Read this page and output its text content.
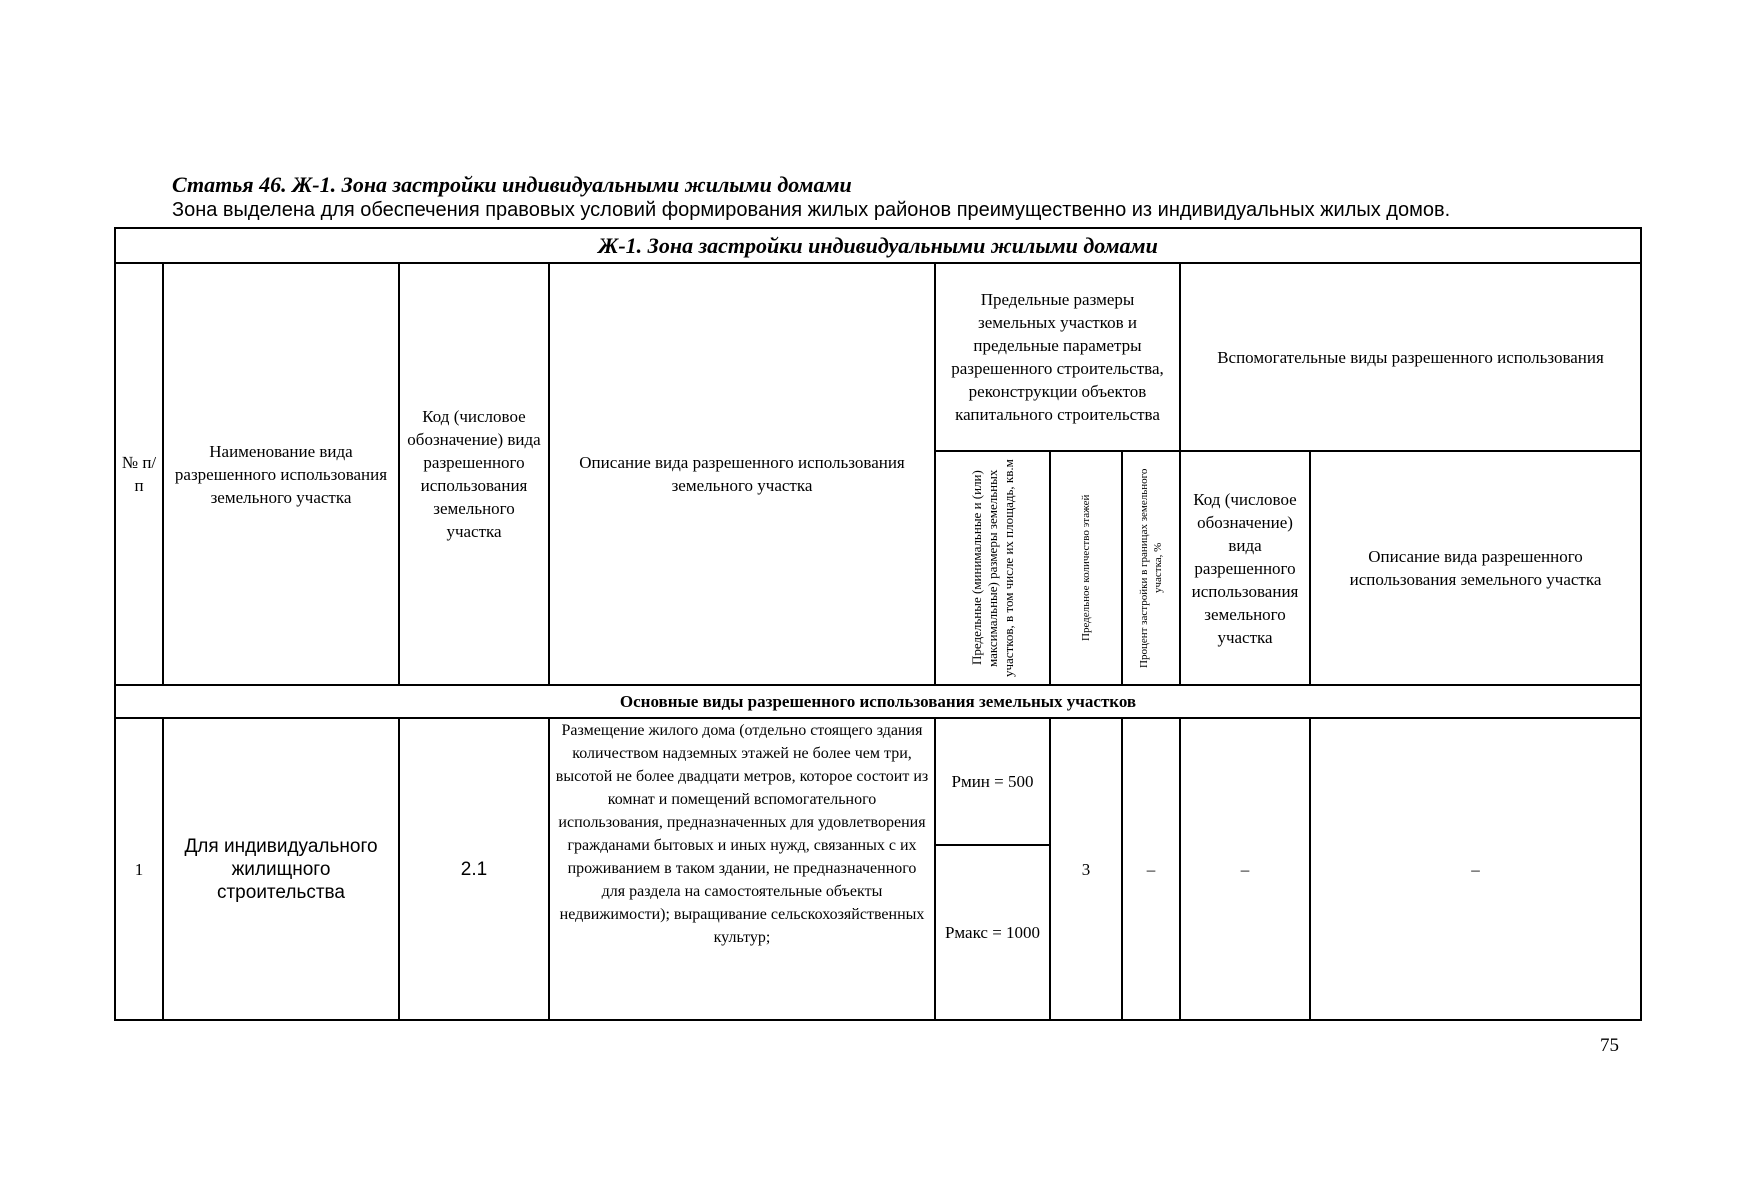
Статья 46. Ж-1. Зона застройки индивидуальными жилыми домами
Зона выделена для обеспечения правовых условий формирования жилых районов преимущественно из индивидуальных жилых домов.
Ж-1. Зона застройки индивидуальными жилыми домами								
№ п/п	Наименование вида разрешенного использования земельного участка	Код (числовое обозначение) вида разрешенного использования земельного участка	Описание вида разрешенного использования земельного участка	Предельные размеры земельных участков и предельные параметры разрешенного строительства, реконструкции объектов капитального строительства			Вспомогательные виды разрешенного использования	

				Предельные (минимальные и (или) максимальные) размеры земельных участков, в том числе их площадь, кв.м	Предельное количество этажей	Процент застройки в границах земельного участка, %	Код (числовое обозначение) вида разрешенного использования земельного участка	Описание вида разрешенного использования земельного участка
Основные виды разрешенного использования земельных участков								
1	Для индивидуального жилищного строительства	2.1	Размещение жилого дома (отдельно стоящего здания количеством надземных этажей не более чем три, высотой не более двадцати метров, которое состоит из комнат и помещений вспомогательного использования, предназначенных для удовлетворения гражданами бытовых и иных нужд, связанных с их проживанием в таком здании, не предназначенного для раздела на самостоятельные объекты недвижимости); выращивание сельскохозяйственных культур;	Рмин = 500	3	–	–	–
				Рмакс = 1000				
75
